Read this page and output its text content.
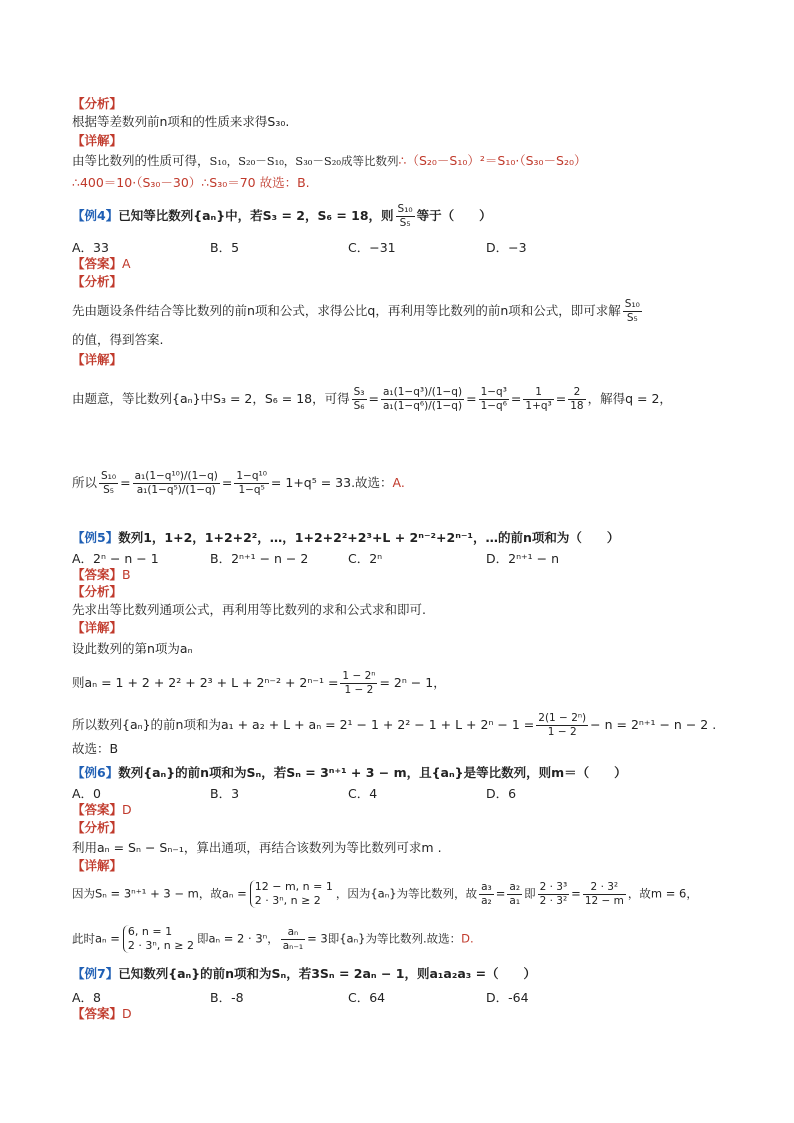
【分析】
根据等差数列前n项和的性质来求得S₃₀.
【详解】
由等比数列的性质可得，S₁₀，S₂₀－S₁₀，S₃₀－S₂₀成等比数列∴（S₂₀－S₁₀）²＝S₁₀·（S₃₀－S₂₀）
∴400＝10·（S₃₀－30）∴S₃₀＝70 故选：B.
【例4】已知等比数列{aₙ}中，若S₃ = 2，S₆ = 18，则 $\frac{\text{S₁₀}}{\text{S₅}}$ 等于（　　）
A．33	B．5	C．−31	D．−3
【答案】A
【分析】
先由题设条件结合等比数列的前n项和公式，求得公比q，再利用等比数列的前n项和公式，即可求解 $\frac{\text{S₁₀}}{\text{S₅}}$
的值，得到答案.
【详解】
由题意，等比数列{aₙ}中S₃ = 2，S₆ = 18，可得 $\frac{\text{S₃}}{\text{S₆}} = \frac{\text{a₁(1−q³)/(1−q)}}{\text{a₁(1−q⁶)/(1−q)}} = \frac{\text{1−q³}}{\text{1−q⁶}} = \frac{1}{\text{1+q³}} = \frac{2}{18}$ ，解得q = 2，
所以 $\frac{\text{S₁₀}}{\text{S₅}} = \frac{\text{a₁(1−q¹⁰)/(1−q)}}{\text{a₁(1−q⁵)/(1−q)}} = \frac{\text{1−q¹⁰}}{\text{1−q⁵}} = 1+q^5 = 33$.故选：A.
【例5】数列1，1+2，1+2+2²，…，1+2+2²+2³+L + 2ⁿ⁻²+2ⁿ⁻¹，…的前n项和为（　　）
A．2ⁿ − n − 1	B．2ⁿ⁺¹ − n − 2	C．2ⁿ	D．2ⁿ⁺¹ − n
【答案】B
【分析】
先求出等比数列通项公式，再利用等比数列的求和公式求和即可.
【详解】
设此数列的第n项为aₙ
则$a_n = 1 + 2 + 2^2 + 2^3 + L + 2^{n-2} + 2^{n-1} = \frac{\text{1 − 2ⁿ}}{1 - 2} = 2^n - 1$，
所以数列{aₙ}的前n项和为$a_1 + a_2 + L + a_n = 2^1 - 1 + 2^2 - 1 + L + 2^n - 1 = \frac{\text{2(1 − 2ⁿ)}}{1 - 2} - n = 2^{n+1} - n - 2$ .
故选：B
【例6】数列{aₙ}的前n项和为Sₙ，若Sₙ = 3ⁿ⁺¹ + 3 − m，且{aₙ}是等比数列，则m＝（　　）
A．0	B．3	C．4	D．6
【答案】D
【分析】
利用aₙ = Sₙ − Sₙ₋₁，算出通项，再结合该数列为等比数列可求m .
【详解】
因为Sₙ = 3ⁿ⁺¹ + 3 − m，故aₙ = 12 − m, n = 1
2 · 3ⁿ, n ≥ 2	，因为{aₙ}为等比数列，故 $\frac{\text{a₃}}{\text{a₂}} = \frac{\text{a₂}}{\text{a₁}}$ 即 $\frac{\text{2 · 3³}}{\text{2 · 3²}} = \frac{\text{2 · 3²}}{12 - m}$ ，故m = 6，
此时aₙ = 6, n = 1
2 · 3ⁿ, n ≥ 2 即aₙ = 2 · 3ⁿ， $\frac{\text{aₙ}}{\text{aₙ₋₁}} = 3$即{aₙ}为等比数列.故选：D.
【例7】已知数列{aₙ}的前n项和为Sₙ，若3Sₙ = 2aₙ − 1，则a₁a₂a₃ =（　　）
A．8	B．-8	C．64	D．-64
【答案】D
